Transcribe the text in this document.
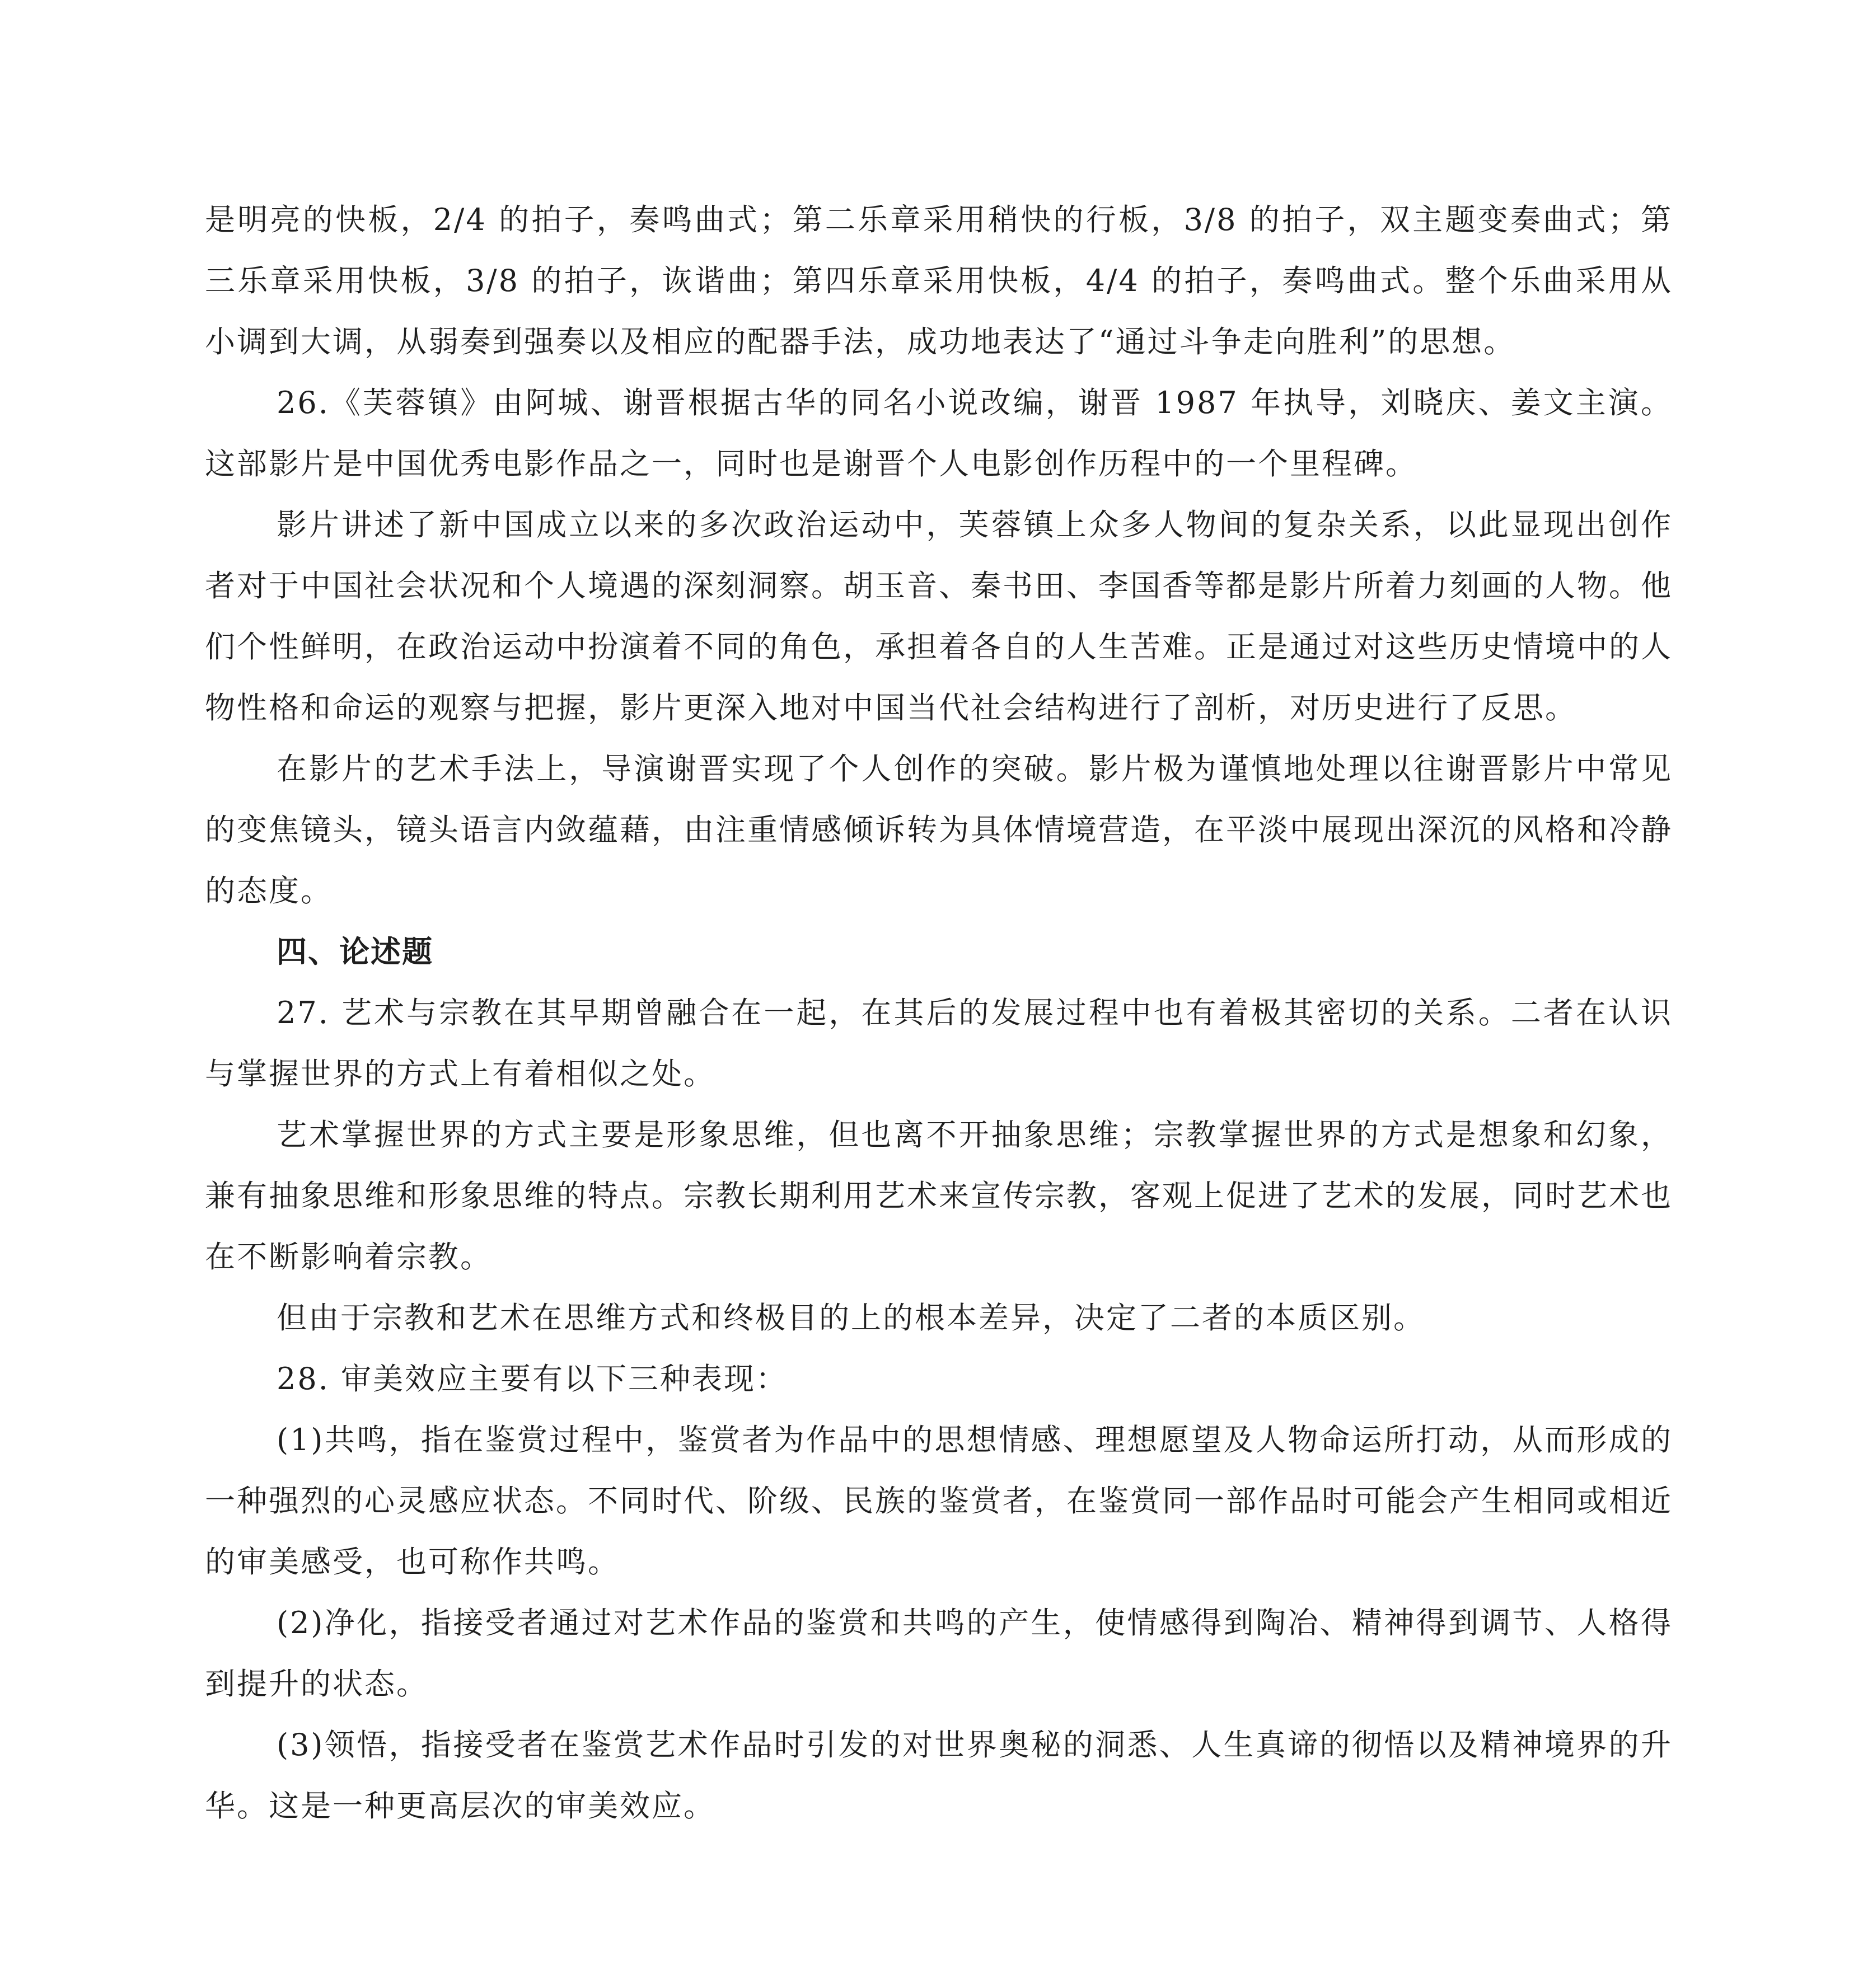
是明亮的快板，2/4 的拍子，奏鸣曲式；第二乐章采用稍快的行板，3/8 的拍子，双主题变奏曲式；第三乐章采用快板，3/8 的拍子，诙谐曲；第四乐章采用快板，4/4 的拍子，奏鸣曲式。整个乐曲采用从小调到大调，从弱奏到强奏以及相应的配器手法，成功地表达了“通过斗争走向胜利”的思想。

26.《芙蓉镇》由阿城、谢晋根据古华的同名小说改编，谢晋 1987 年执导，刘晓庆、姜文主演。这部影片是中国优秀电影作品之一，同时也是谢晋个人电影创作历程中的一个里程碑。

影片讲述了新中国成立以来的多次政治运动中，芙蓉镇上众多人物间的复杂关系，以此显现出创作者对于中国社会状况和个人境遇的深刻洞察。胡玉音、秦书田、李国香等都是影片所着力刻画的人物。他们个性鲜明，在政治运动中扮演着不同的角色，承担着各自的人生苦难。正是通过对这些历史情境中的人物性格和命运的观察与把握，影片更深入地对中国当代社会结构进行了剖析，对历史进行了反思。

在影片的艺术手法上，导演谢晋实现了个人创作的突破。影片极为谨慎地处理以往谢晋影片中常见的变焦镜头，镜头语言内敛蕴藉，由注重情感倾诉转为具体情境营造，在平淡中展现出深沉的风格和冷静的态度。

四、论述题

27. 艺术与宗教在其早期曾融合在一起，在其后的发展过程中也有着极其密切的关系。二者在认识与掌握世界的方式上有着相似之处。

艺术掌握世界的方式主要是形象思维，但也离不开抽象思维；宗教掌握世界的方式是想象和幻象，兼有抽象思维和形象思维的特点。宗教长期利用艺术来宣传宗教，客观上促进了艺术的发展，同时艺术也在不断影响着宗教。

但由于宗教和艺术在思维方式和终极目的上的根本差异，决定了二者的本质区别。

28. 审美效应主要有以下三种表现：

(1)共鸣，指在鉴赏过程中，鉴赏者为作品中的思想情感、理想愿望及人物命运所打动，从而形成的一种强烈的心灵感应状态。不同时代、阶级、民族的鉴赏者，在鉴赏同一部作品时可能会产生相同或相近的审美感受，也可称作共鸣。

(2)净化，指接受者通过对艺术作品的鉴赏和共鸣的产生，使情感得到陶冶、精神得到调节、人格得到提升的状态。

(3)领悟，指接受者在鉴赏艺术作品时引发的对世界奥秘的洞悉、人生真谛的彻悟以及精神境界的升华。这是一种更高层次的审美效应。
